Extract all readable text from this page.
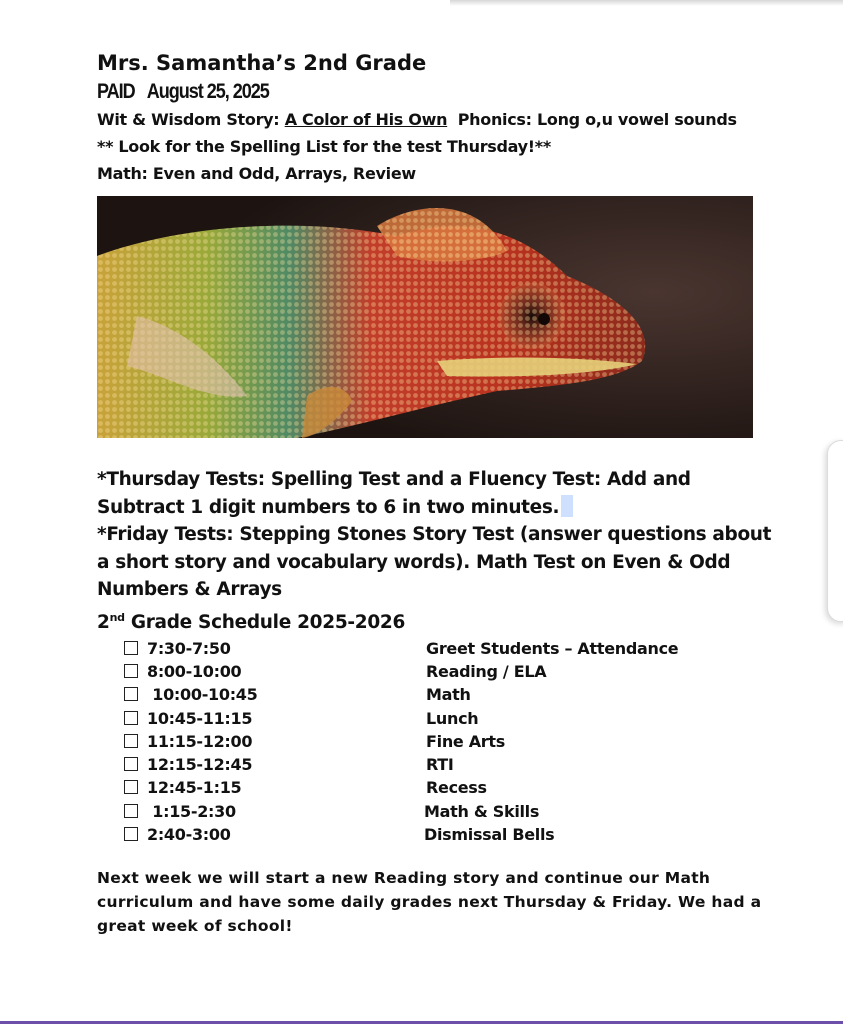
Mrs. Samantha’s 2nd Grade
PAID August 25, 2025
Wit & Wisdom Story: A Color of His Own Phonics: Long o,u vowel sounds
** Look for the Spelling List for the test Thursday!**
Math: Even and Odd, Arrays, Review

*Thursday Tests: Spelling Test and a Fluency Test: Add and Subtract 1 digit numbers to 6 in two minutes.

*Friday Tests: Stepping Stones Story Test (answer questions about a short story and vocabulary words). Math Test on Even & Odd Numbers & Arrays

2nd Grade Schedule 2025-2026
7:30-7:50	Greet Students – Attendance
8:00-10:00	Reading / ELA
10:00-10:45	Math
10:45-11:15	Lunch
11:15-12:00	Fine Arts
12:15-12:45	RTI
12:45-1:15	Recess
1:15-2:30	Math & Skills
2:40-3:00	Dismissal Bells
Next week we will start a new Reading story and continue our Math curriculum and have some daily grades next Thursday & Friday. We had a great week of school!
